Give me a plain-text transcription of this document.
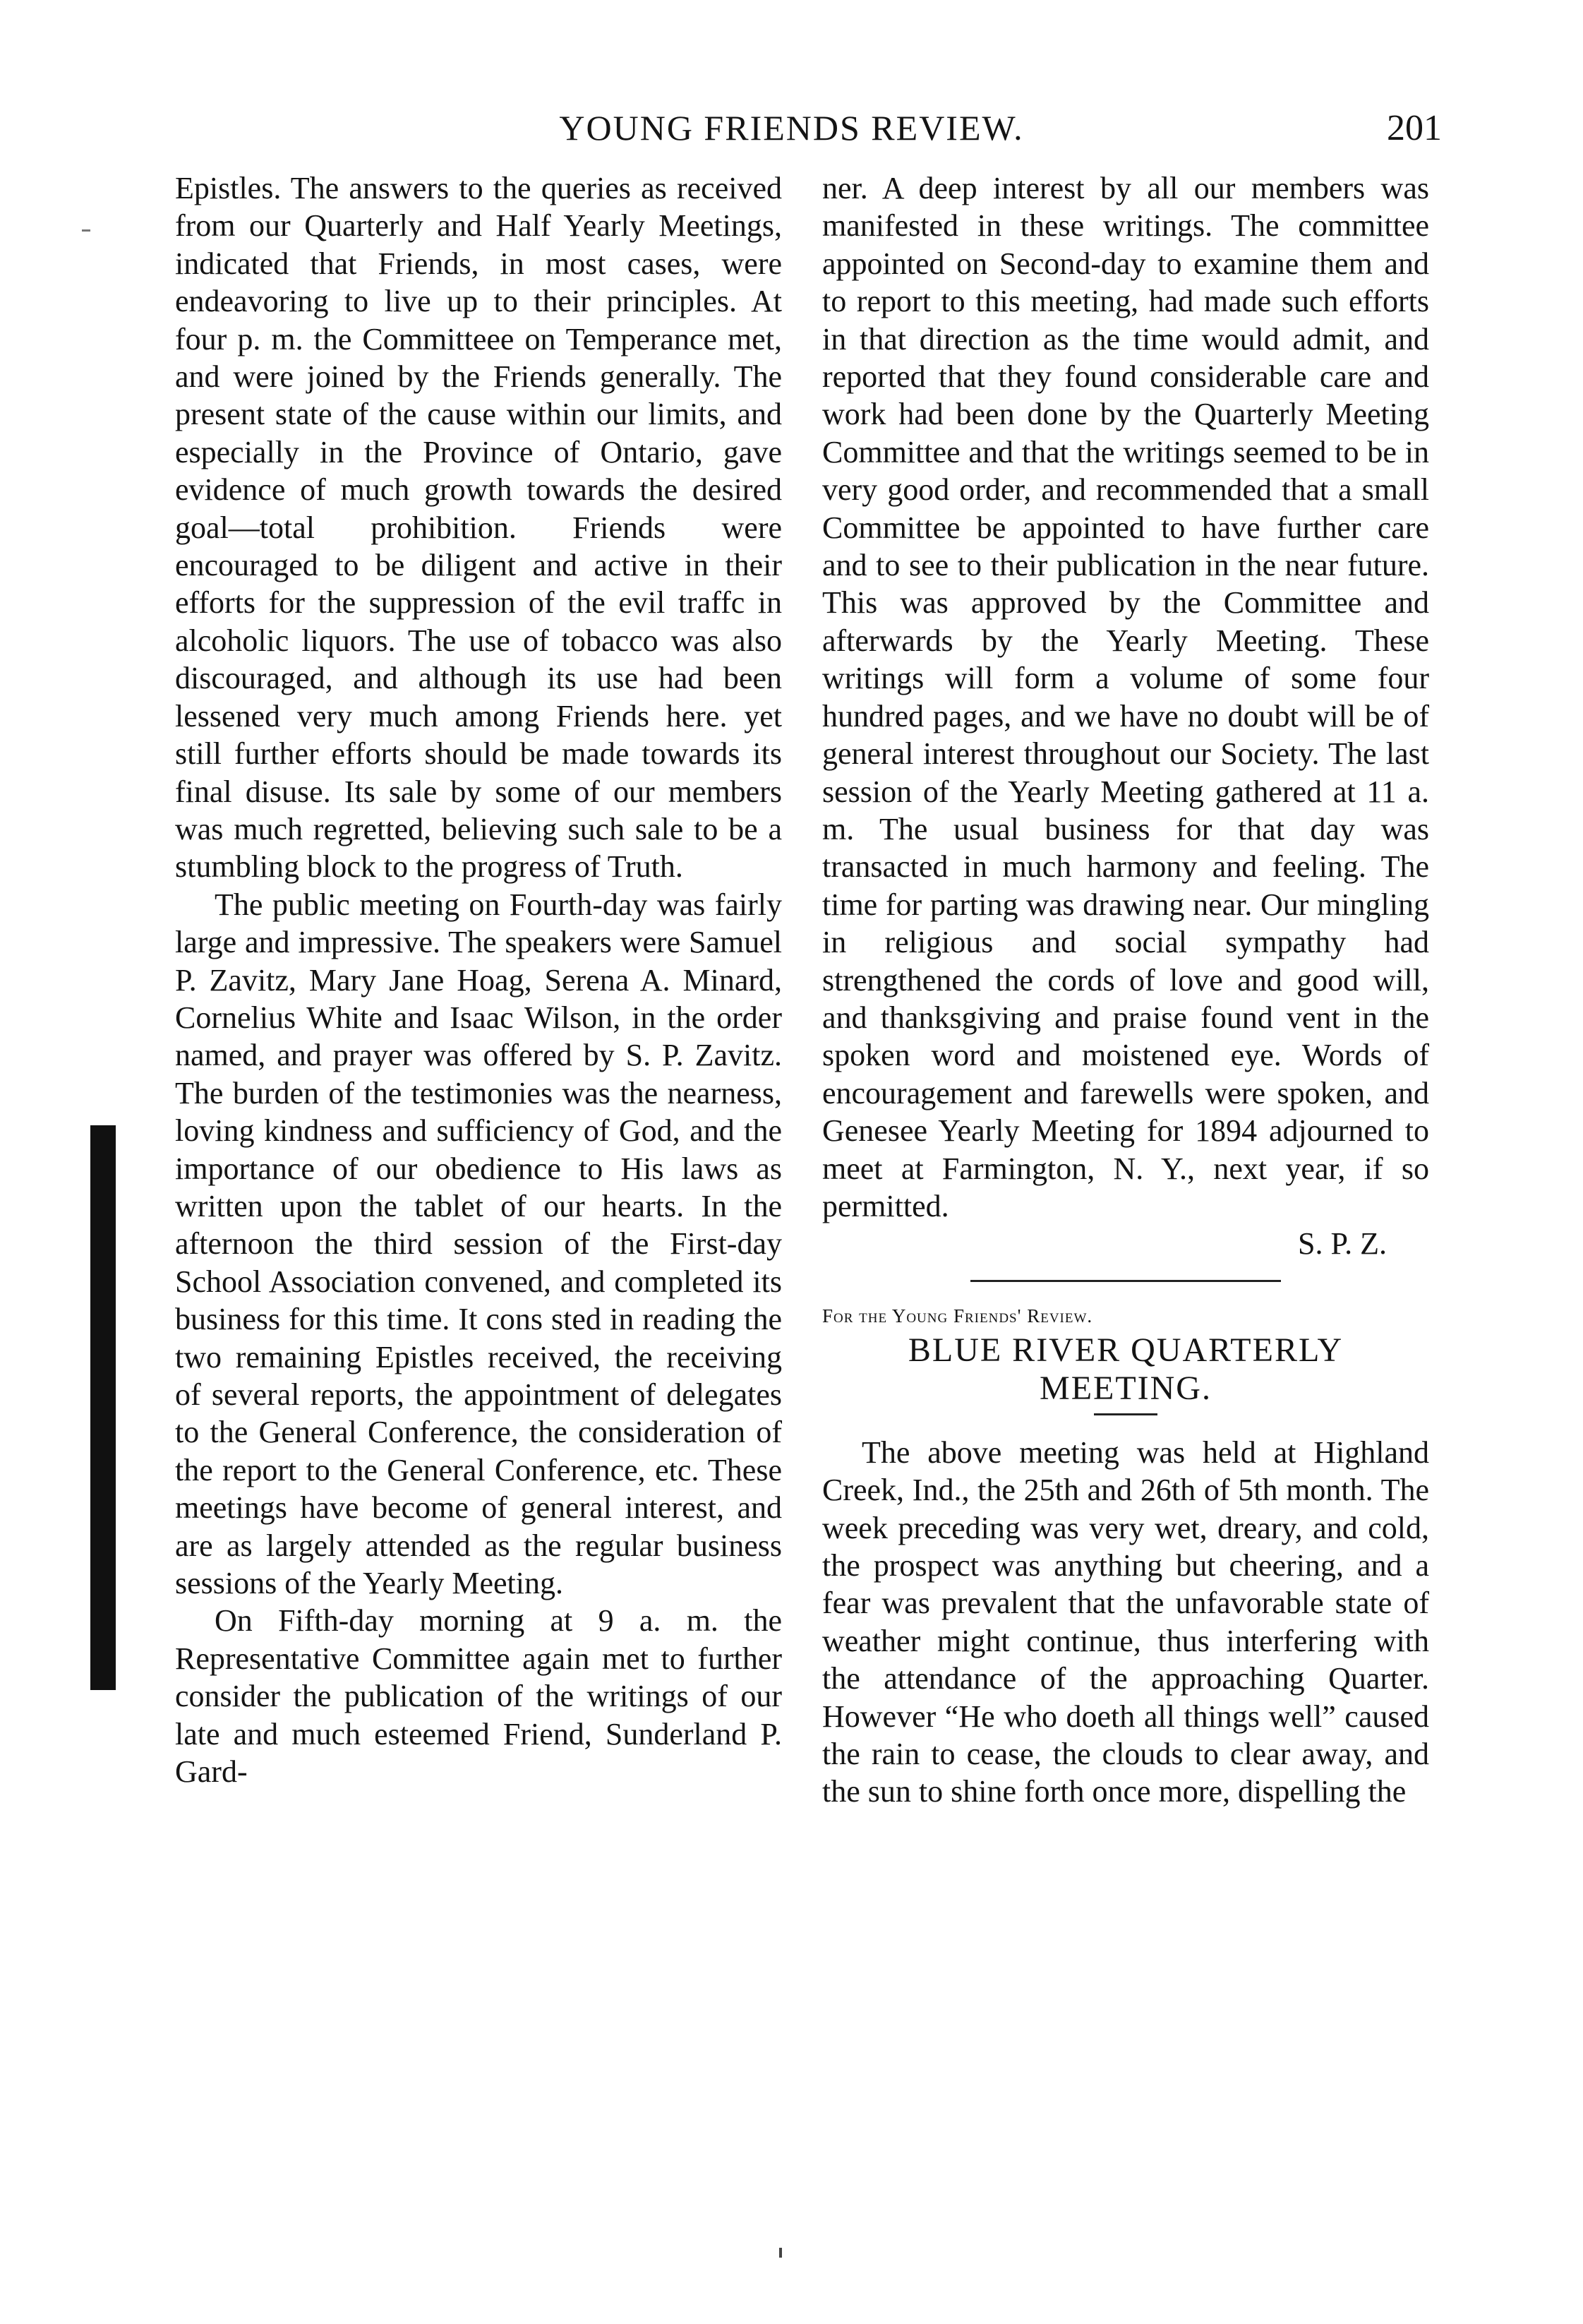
YOUNG FRIENDS REVIEW.	201

Epistles. The answers to the queries as received from our Quarterly and Half Yearly Meetings, indicated that Friends, in most cases, were endeavoring to live up to their principles. At four p. m. the Committeee on Temperance met, and were joined by the Friends generally. The present state of the cause within our limits, and especially in the Province of Ontario, gave evidence of much growth towards the desired goal—total prohibition. Friends were encouraged to be diligent and active in their efforts for the suppression of the evil traffc in alcoholic liquors. The use of tobacco was also discouraged, and although its use had been lessened very much among Friends here. yet still further efforts should be made towards its final disuse. Its sale by some of our members was much regretted, believing such sale to be a stumbling block to the progress of Truth.

The public meeting on Fourth-day was fairly large and impressive. The speakers were Samuel P. Zavitz, Mary Jane Hoag, Serena A. Minard, Cornelius White and Isaac Wilson, in the order named, and prayer was offered by S. P. Zavitz. The burden of the testimonies was the nearness, loving kindness and sufficiency of God, and the importance of our obedience to His laws as written upon the tablet of our hearts. In the afternoon the third session of the First-day School Association convened, and completed its business for this time. It cons sted in reading the two remaining Epistles received, the receiving of several reports, the appointment of delegates to the General Conference, the consideration of the report to the General Conference, etc. These meetings have become of general interest, and are as largely attended as the regular business sessions of the Yearly Meeting.

On Fifth-day morning at 9 a. m. the Representative Committee again met to further consider the publication of the writings of our late and much esteemed Friend, Sunderland P. Gard-

ner. A deep interest by all our members was manifested in these writings. The committee appointed on Second-day to examine them and to report to this meeting, had made such efforts in that direction as the time would admit, and reported that they found considerable care and work had been done by the Quarterly Meeting Committee and that the writings seemed to be in very good order, and recommended that a small Committee be appointed to have further care and to see to their publication in the near future. This was approved by the Committee and afterwards by the Yearly Meeting. These writings will form a volume of some four hundred pages, and we have no doubt will be of general interest throughout our Society. The last session of the Yearly Meeting gathered at 11 a. m. The usual business for that day was transacted in much harmony and feeling. The time for parting was drawing near. Our mingling in religious and social sympathy had strengthened the cords of love and good will, and thanksgiving and praise found vent in the spoken word and moistened eye. Words of encouragement and farewells were spoken, and Genesee Yearly Meeting for 1894 adjourned to meet at Farmington, N. Y., next year, if so permitted.

S. P. Z.

For the Young Friends' Review.

BLUE RIVER QUARTERLY MEETING.

The above meeting was held at Highland Creek, Ind., the 25th and 26th of 5th month. The week preceding was very wet, dreary, and cold, the prospect was anything but cheering, and a fear was prevalent that the unfavorable state of weather might continue, thus interfering with the attendance of the approaching Quarter. However “He who doeth all things well” caused the rain to cease, the clouds to clear away, and the sun to shine forth once more, dispelling the
